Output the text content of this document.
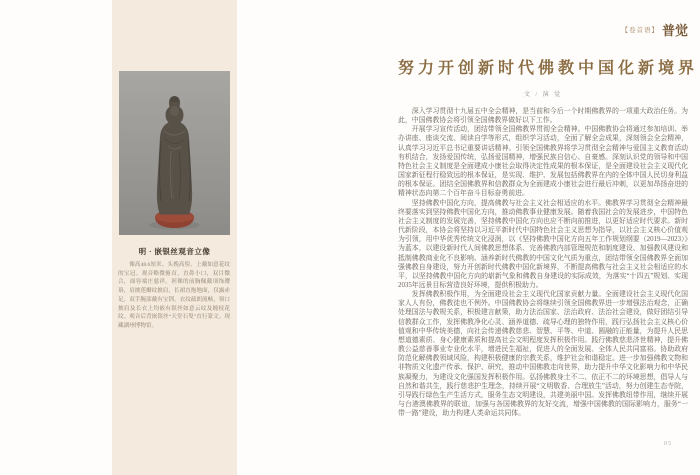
明 · 嵌银丝观音立像

像高48.6厘米。头挽高髻，上戴如意花纹的宝冠。观音略微俯首，直鼻小口，双目微合，面容端庄慈祥。袒裸的前胸佩戴项饰璎珞，肩披莲瓣纹披肩，长裙直拖地面，仅露赤足，双手腕部戴有宝钏。衣纹疏朗流畅，领口披肩及长衣上均嵌有银丝如意云纹及缠枝花纹。观音后背嵌银丝“天堂石叟”直行篆文。现藏湖州博物馆。

【卷首语】 普觉
努力开创新时代佛教中国化新境界
文 / 演 觉

深入学习贯彻十九届五中全会精神，是当前和今后一个时期佛教界的一项重大政治任务。为此，中国佛教协会将引领全国佛教界做好以下工作。

开展学习宣传活动，团结带领全国佛教界贯彻全会精神。中国佛教协会将通过参加培训、举办讲座、座谈交流、阅读自学等形式，组织学习活动，全面了解全会成果，深刻领会全会精神，认真学习习近平总书记重要讲话精神。引领全国佛教界将学习贯彻全会精神与爱国主义教育活动有机结合，发扬爱国传统，弘扬爱国精神，增强民族自信心、自豪感。深刻认识党的领导和中国特色社会主义制度是全面建成小康社会取得决定性成果的根本保证，是全面建设社会主义现代化国家新征程行稳致远的根本保证，是实现、维护、发展包括佛教界在内的全体中国人民切身利益的根本保证。团结全国佛教界和信教群众为全面建成小康社会进行最后冲刺，以更加昂扬奋进的精神状态向第二个百年奋斗目标奋勇前进。

坚持佛教中国化方向，提高佛教与社会主义社会相适应的水平。佛教界学习贯彻全会精神最终要落实到坚持佛教中国化方向，推动佛教事业健康发展。随着我国社会的发展进步，中国特色社会主义制度的发展完善，坚持佛教中国化方向也应不断向前推进，以更好适应时代要求。新时代新阶段，本协会将坚持以习近平新时代中国特色社会主义思想为指导，以社会主义核心价值观为引领，用中华优秀传统文化浸润，以《坚持佛教中国化方向五年工作规划纲要（2019—2023）》为蓝本，以建设新时代人间佛教思想体系、完善佛教内部管理规范和制度建设、加强教风建设和抵制佛教商业化不良影响、涵养新时代佛教的中国文化气质为重点，团结带领全国佛教界全面加强佛教自身建设，努力开创新时代佛教中国化新境界，不断提高佛教与社会主义社会相适应的水平，以坚持佛教中国化方向的崭新气象和佛教自身建设的实际成效，为落实“十四五”规划、实现2035年远景目标营造良好环境，提供积极助力。

发挥佛教积极作用，为全面建设社会主义现代化国家贡献力量。全面建设社会主义现代化国家人人有份，佛教徒也不例外。中国佛教协会将继续引领全国佛教界进一步增强法治观念，正确处理国法与教规关系，积极建言献策，助力法治国家、法治政府、法治社会建设，做好团结引导信教群众工作，发挥佛教净化心灵、涵养道德、疏导心理的独特作用，践行弘扬社会主义核心价值观和中华传统美德，向社会传递佛教慈悲、智慧、平等、中道、圆融的正能量，为提升人民思想道德素质、身心健康素质和提高社会文明程度发挥积极作用。践行佛教慈悲济世精神，提升佛教公益慈善事业专业化水平，增进民生福祉，促进人的全面发展、全体人民共同富裕。协助政府防范化解佛教领域风险，构建积极健康的宗教关系，维护社会和谐稳定。进一步加强佛教文物和非物质文化遗产传承、保护、研究，推动中国佛教走向世界，助力提升中华文化影响力和中华民族凝聚力，为建设文化强国发挥积极作用。弘扬佛教身土不二、依正不二的环境思想，倡导人与自然和谐共生，践行慈悲护生理念，持续开展“文明敬香、合理放生”活动，努力创建生态寺院，引导践行绿色生产生活方式，服务生态文明建设，共建美丽中国。发挥佛教纽带作用，继续开展与台港澳佛教界的联谊，加强与各国佛教界的友好交流，增强中国佛教的国际影响力，服务“一带一路”建设，助力构建人类命运共同体。

05
